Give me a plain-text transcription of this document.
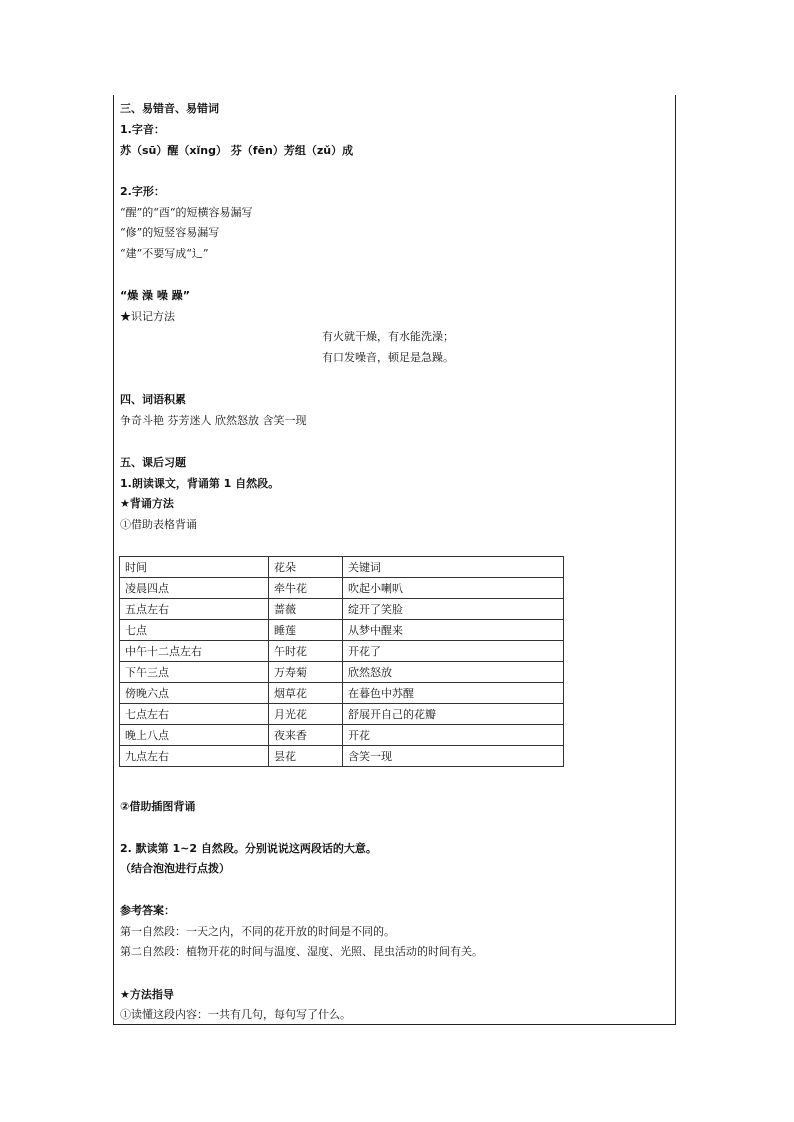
三、易错音、易错词
1.字音：
苏（sū）醒（xǐng） 芬（fēn）芳组（zǔ）成
2.字形：
“醒”的“酉“的短横容易漏写
“修”的短竖容易漏写
“建”不要写成“辶”
“燥 澡 噪 躁”
★识记方法
有火就干燥，有水能洗澡；
有口发噪音，顿足是急躁。
四、词语积累
争奇斗艳 芬芳迷人 欣然怒放 含笑一现
五、课后习题
1.朗读课文，背诵第 1 自然段。
★背诵方法
①借助表格背诵
时间	花朵	关键词
凌晨四点	牵牛花	吹起小喇叭
五点左右	蔷薇	绽开了笑脸
七点	睡莲	从梦中醒来
中午十二点左右	午时花	开花了
下午三点	万寿菊	欣然怒放
傍晚六点	烟草花	在暮色中苏醒
七点左右	月光花	舒展开自己的花瓣
晚上八点	夜来香	开花
九点左右	昙花	含笑一现
②借助插图背诵
2. 默读第 1~2 自然段。分别说说这两段话的大意。
（结合泡泡进行点拨）
参考答案：
第一自然段：一天之内，不同的花开放的时间是不同的。
第二自然段：植物开花的时间与温度、湿度、光照、昆虫活动的时间有关。
★方法指导
①读懂这段内容：一共有几句，每句写了什么。
